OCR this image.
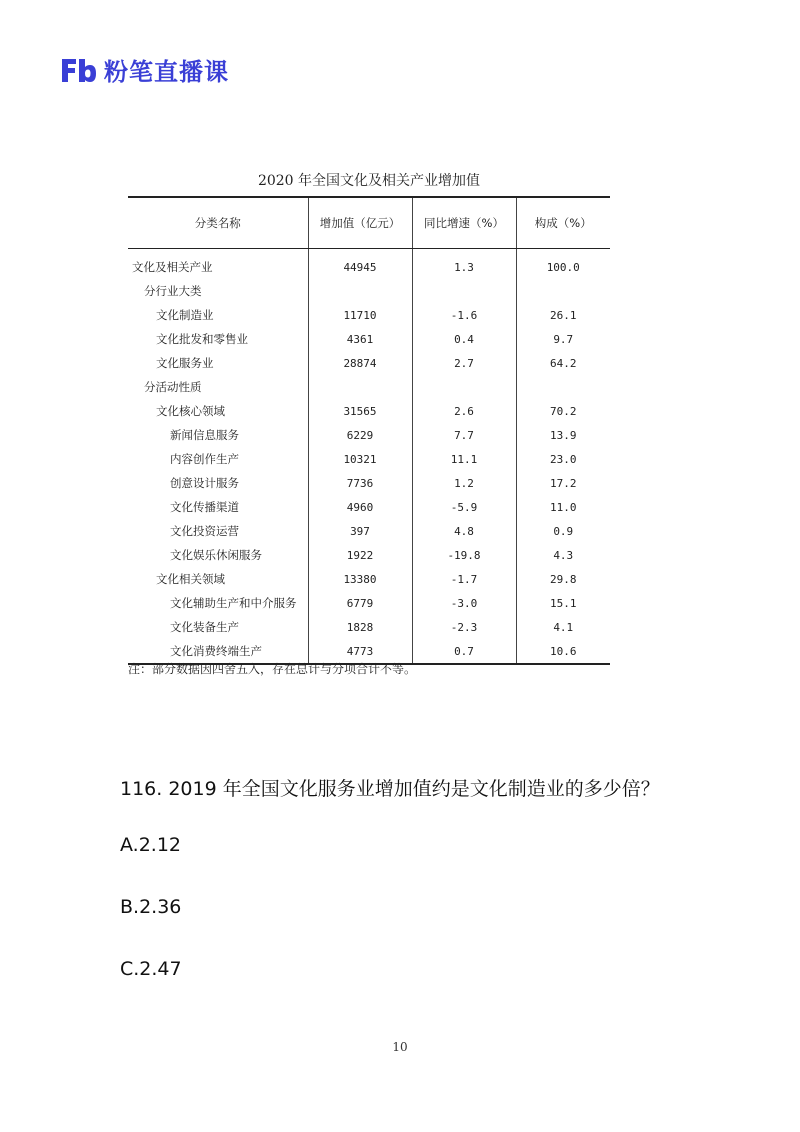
粉笔直播课
2020 年全国文化及相关产业增加值
分类名称	增加值（亿元）	同比增速（%）	构成（%）
文化及相关产业	44945	1.3	100.0
分行业大类			
文化制造业	11710	-1.6	26.1
文化批发和零售业	4361	0.4	9.7
文化服务业	28874	2.7	64.2
分活动性质			
文化核心领域	31565	2.6	70.2
新闻信息服务	6229	7.7	13.9
内容创作生产	10321	11.1	23.0
创意设计服务	7736	1.2	17.2
文化传播渠道	4960	-5.9	11.0
文化投资运营	397	4.8	0.9
文化娱乐休闲服务	1922	-19.8	4.3
文化相关领域	13380	-1.7	29.8
文化辅助生产和中介服务	6779	-3.0	15.1
文化装备生产	1828	-2.3	4.1
文化消费终端生产	4773	0.7	10.6
注：部分数据因四舍五入，存在总计与分项合计不等。
116. 2019 年全国文化服务业增加值约是文化制造业的多少倍？
A.2.12
B.2.36
C.2.47
10
